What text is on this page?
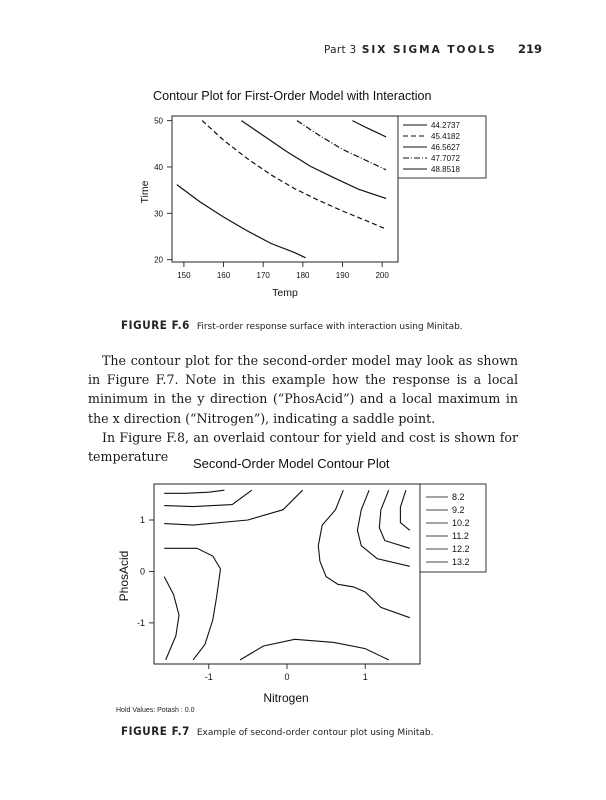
Part 3 SIX SIGMA TOOLS 219
Contour Plot for First-Order Model with Interaction
150	160	170	180	190	200
20
30
40
50
Temp
Time
44.2737
45.4182
46.5627
47.7072
48.8518
FIGURE F.6 First-order response surface with interaction using Minitab.

The contour plot for the second-order model may look as shown in Figure F.7. Note in this example how the response is a local minimum in the y direction (“PhosAcid”) and a local maximum in the x direction (“Nitrogen”), indicating a saddle point.

In Figure F.8, an overlaid contour for yield and cost is shown for temperature	Second-Order Model Contour Plot
-1	0	1
1
0
-1
Nitrogen
PhosAcid
Hold Values: Potash : 0.0
8.2
9.2
10.2
11.2
12.2
13.2
FIGURE F.7 Example of second-order contour plot using Minitab.
